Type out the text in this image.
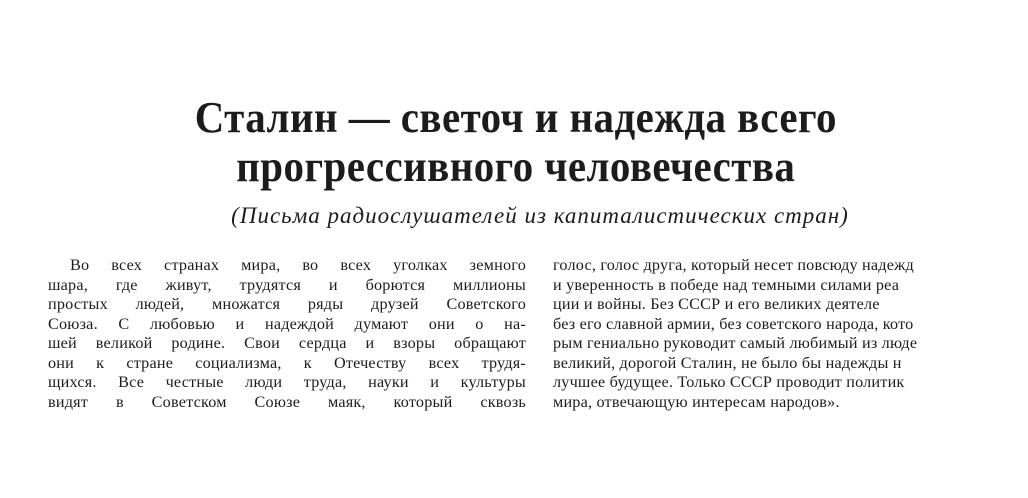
Сталин — светоч и надежда всего
прогрессивного человечества
(Письма радиослушателей из капиталистических стран)
Во всех странах мира, во всех уголках земного
шара, где живут, трудятся и борются миллионы
простых людей, множатся ряды друзей Советского
Союза. С любовью и надеждой думают они о на-
шей великой родине. Свои сердца и взоры обращают
они к стране социализма, к Отечеству всех трудя-
щихся. Все честные люди труда, науки и культуры
видят в Советском Союзе маяк, который сквозь
голос, голос друга, который несет повсюду надежд
и уверенность в победе над темными силами реа
ции и войны. Без СССР и его великих деятеле
без его славной армии, без советского народа, кото
рым гениально руководит самый любимый из люде
великий, дорогой Сталин, не было бы надежды н
лучшее будущее. Только СССР проводит политик
мира, отвечающую интересам народов».
